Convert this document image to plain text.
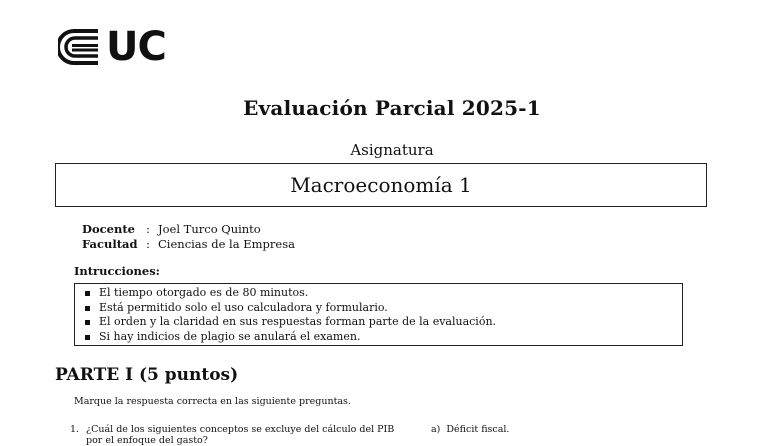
UC
Evaluación Parcial 2025-1
Asignatura
Macroeconomía 1
Docente : Joel Turco Quinto
Facultad : Ciencias de la Empresa
Intrucciones:
El tiempo otorgado es de 80 minutos.
Está permitido solo el uso calculadora y formulario.
El orden y la claridad en sus respuestas forman parte de la evaluación.
Si hay indicios de plagio se anulará el examen.
PARTE I (5 puntos)
Marque la respuesta correcta en las siguiente preguntas.
1. ¿Cuál de los siguientes conceptos se excluye del cálculo del PIB por el enfoque del gasto?
a) Déficit fiscal.
